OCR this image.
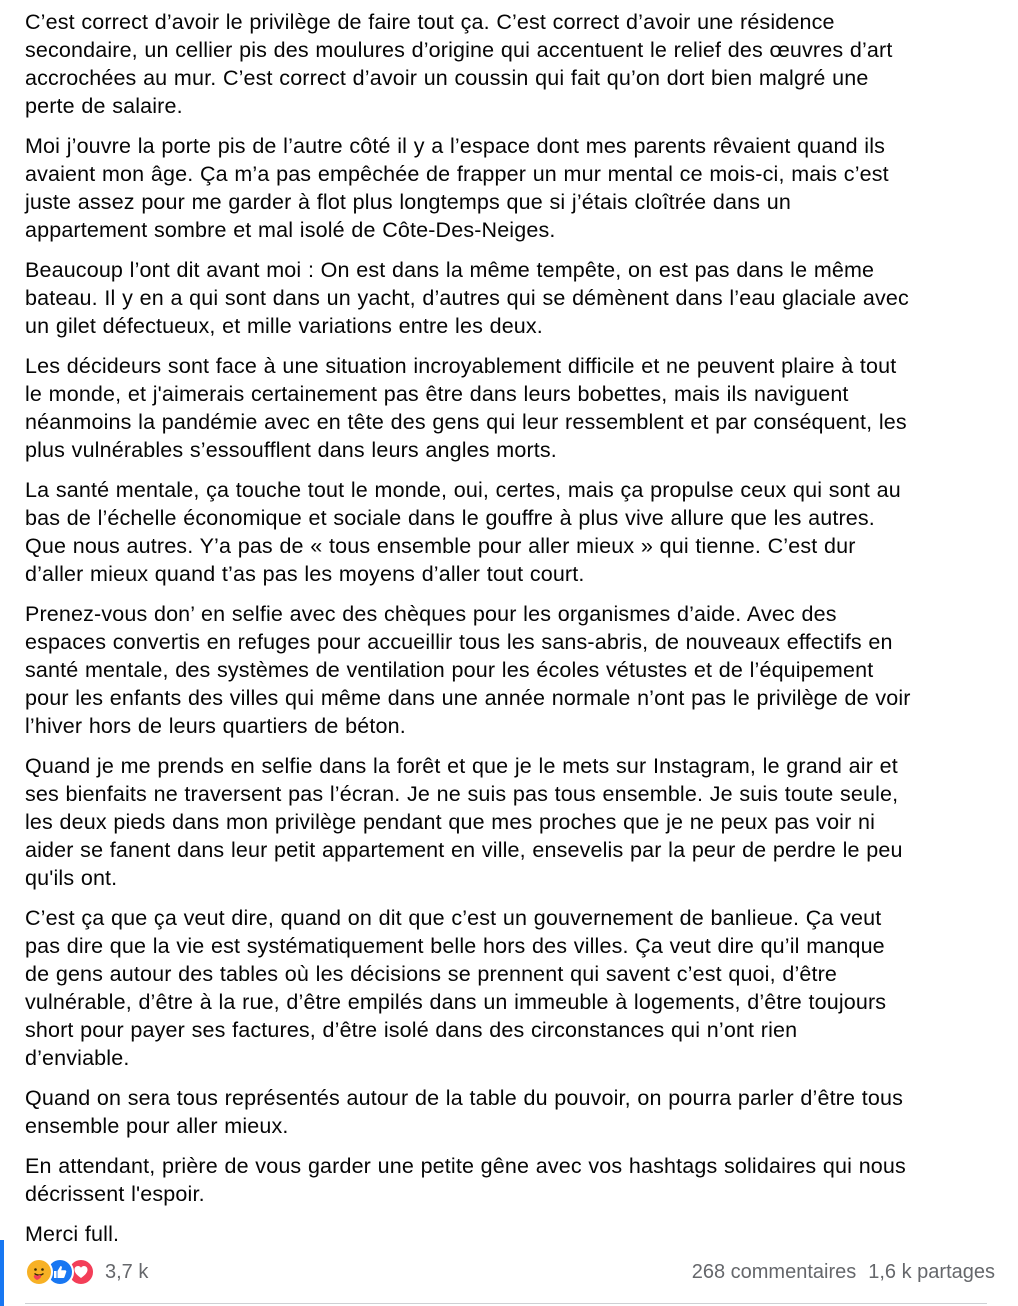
C’est correct d’avoir le privilège de faire tout ça. C’est correct d’avoir une résidence
secondaire, un cellier pis des moulures d’origine qui accentuent le relief des œuvres d’art
accrochées au mur. C’est correct d’avoir un coussin qui fait qu’on dort bien malgré une
perte de salaire.

Moi j’ouvre la porte pis de l’autre côté il y a l’espace dont mes parents rêvaient quand ils
avaient mon âge. Ça m’a pas empêchée de frapper un mur mental ce mois-ci, mais c’est
juste assez pour me garder à flot plus longtemps que si j’étais cloîtrée dans un
appartement sombre et mal isolé de Côte-Des-Neiges.

Beaucoup l’ont dit avant moi : On est dans la même tempête, on est pas dans le même
bateau. Il y en a qui sont dans un yacht, d’autres qui se démènent dans l’eau glaciale avec
un gilet défectueux, et mille variations entre les deux.

Les décideurs sont face à une situation incroyablement difficile et ne peuvent plaire à tout
le monde, et j'aimerais certainement pas être dans leurs bobettes, mais ils naviguent
néanmoins la pandémie avec en tête des gens qui leur ressemblent et par conséquent, les
plus vulnérables s’essoufflent dans leurs angles morts.

La santé mentale, ça touche tout le monde, oui, certes, mais ça propulse ceux qui sont au
bas de l’échelle économique et sociale dans le gouffre à plus vive allure que les autres.
Que nous autres. Y’a pas de « tous ensemble pour aller mieux » qui tienne. C’est dur
d’aller mieux quand t’as pas les moyens d’aller tout court.

Prenez-vous don’ en selfie avec des chèques pour les organismes d’aide. Avec des
espaces convertis en refuges pour accueillir tous les sans-abris, de nouveaux effectifs en
santé mentale, des systèmes de ventilation pour les écoles vétustes et de l’équipement
pour les enfants des villes qui même dans une année normale n’ont pas le privilège de voir
l’hiver hors de leurs quartiers de béton.

Quand je me prends en selfie dans la forêt et que je le mets sur Instagram, le grand air et
ses bienfaits ne traversent pas l’écran. Je ne suis pas tous ensemble. Je suis toute seule,
les deux pieds dans mon privilège pendant que mes proches que je ne peux pas voir ni
aider se fanent dans leur petit appartement en ville, ensevelis par la peur de perdre le peu
qu'ils ont.

C’est ça que ça veut dire, quand on dit que c’est un gouvernement de banlieue. Ça veut
pas dire que la vie est systématiquement belle hors des villes. Ça veut dire qu’il manque
de gens autour des tables où les décisions se prennent qui savent c’est quoi, d’être
vulnérable, d’être à la rue, d’être empilés dans un immeuble à logements, d’être toujours
short pour payer ses factures, d’être isolé dans des circonstances qui n’ont rien
d’enviable.

Quand on sera tous représentés autour de la table du pouvoir, on pourra parler d’être tous
ensemble pour aller mieux.

En attendant, prière de vous garder une petite gêne avec vos hashtags solidaires qui nous
décrissent l'espoir.

Merci full.

3,7 k	268 commentaires 1,6 k partages
